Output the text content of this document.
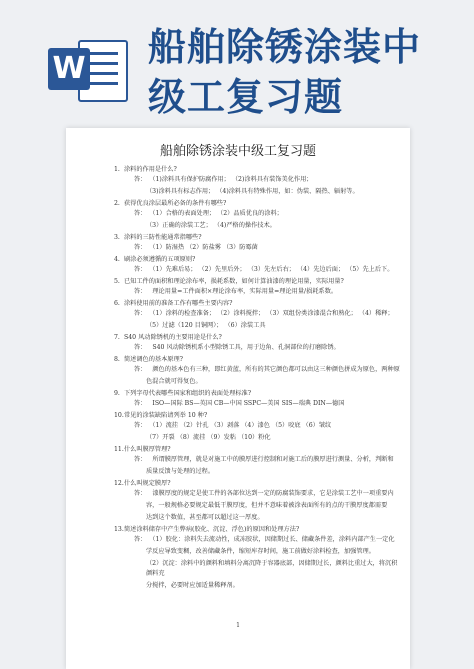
W 船舶除锈涂装中级工复习题
船舶除锈涂装中级工复习题
1. 涂料的作用是什么?
答： （1)涂料具有保护防腐作用； （2)涂料具有装饰美化作用；
（3)涂料具有标志作用； （4)涂料具有特殊作用，如：伪装、隔热、辐射等。
2. 获得优良涂层最所必备的条件有哪些?
答： （1）合格的表面处理； （2）品质优良的涂料；
（3）正确的涂装工艺； （4)严格的操作技术。
3. 涂料的三防性能通常指哪些?
答： （1）防湿热 （2）防盐雾 （3）防霉菌
4. 刷涂必须遵循的五项原则?
答： （1）先难后易； （2）先里后外； （3）先左后右； （4）先边后面； （5）先上后下。
5. 已知工件的面积和理论涂布率，损耗系数，如何计算油漆的理论用量，实际用量?
答： 理论用量=工件面积×理论涂布率，实际用量=理论用量/损耗系数。
6. 涂料使用前的准备工作有哪些主要内容?
答： （1）涂料的检查准备； （2）涂料搅拌； （3）双组份类涂漆混合和熟化； （4）稀释；
（5）过滤（120 目铜网）； （6）涂装工具
7. S40 风动除锈机的主要用途是什么?
答： S40 风动除锈机系小型除锈工具，用于边角、孔洞部位的打磨除锈。
8. 简述调色的基本原理?
答： 颜色的基本色有三种，即红黄蓝，所有的其它颜色都可以由这三种颜色拼成为原色，两种原
色混合就可得复色。
9. 下列字母代表哪些国家和组织的表面处理标准?
答： ISO—国际 BS—英国 CB—中国 SSPC—美国 SIS—瑞典 DIN—德国
10.常见的涂装缺陷请列举 10 种?
答： （1）流挂 （2）针孔 （3）剥落 （4）漆色 （5）咬底 （6）皱纹
（7）开裂 （8）流挂 （9）发粘 （10）粉化
11.什么叫膜厚管理?
答： 所谓膜厚管理，就是对施工中的膜厚进行控制和对施工后的膜厚进行测量、分析，判断和
质量反馈与处理的过程。
12.什么叫规定膜厚?
答： 漆膜厚度的规定是使工件的各部位达到一定的防腐装饰要求，它是涂装工艺中一项重要内
容，一般规格必要规定最低干膜厚度，但并不意味着被涂表面所有的点的干膜厚度都需要
达到这个数值，甚至都可以超过这一厚度。
13.简述涂料储存中产生弊病(胶化、沉淀、浮色)的原因和处理方法?
答： （1）胶化：涂料失去流动性，成冻胶状，因储期过长、储藏条件差，涂料内部产生一定化
学反应导致变稠，改善储藏条件，缩短库存时间，施工前做好涂料检查，加强管理。
（2）沉淀：涂料中的颜料和填料分离沉降于容器底部，因储期过长，颜料比重过大，将沉积颜料充
分搅拌，必要时应加适量稀释剂。
1
